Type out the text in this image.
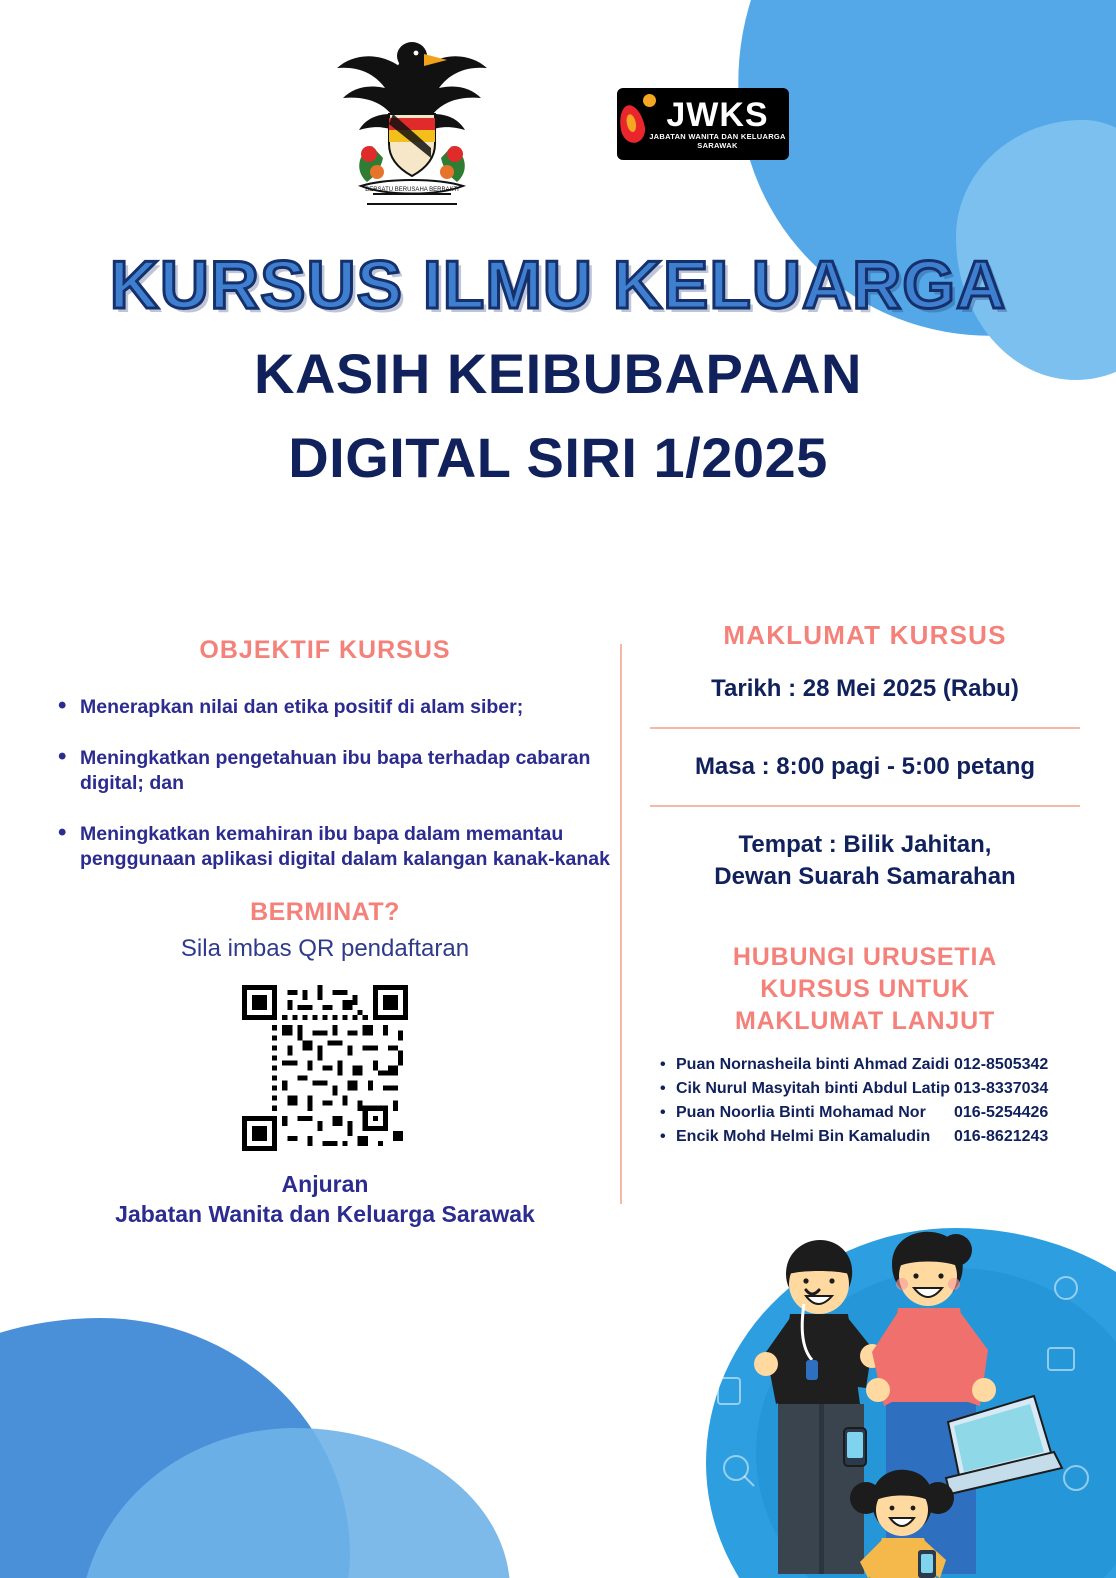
BERSATU BERUSAHA BERBAKTI
JWKS
JABATAN WANITA DAN KELUARGA
SARAWAK
KURSUS ILMU KELUARGA
KASIH KEIBUBAPAAN
DIGITAL SIRI 1/2025
OBJEKTIF KURSUS
• Menerapkan nilai dan etika positif di alam siber;
• Meningkatkan pengetahuan ibu bapa terhadap cabaran digital; dan
• Meningkatkan kemahiran ibu bapa dalam memantau penggunaan aplikasi digital dalam kalangan kanak-kanak
BERMINAT?
Sila imbas QR pendaftaran
Anjuran
Jabatan Wanita dan Keluarga Sarawak
MAKLUMAT KURSUS
Tarikh : 28 Mei 2025 (Rabu)
Masa : 8:00 pagi - 5:00 petang
Tempat : Bilik Jahitan,
Dewan Suarah Samarahan
HUBUNGI URUSETIA
KURSUS UNTUK
MAKLUMAT LANJUT
• Puan Nornasheila binti Ahmad Zaidi 012-8505342
• Cik Nurul Masyitah binti Abdul Latip 013-8337034
• Puan Noorlia Binti Mohamad Nor	016-5254426
• Encik Mohd Helmi Bin Kamaludin	016-8621243
